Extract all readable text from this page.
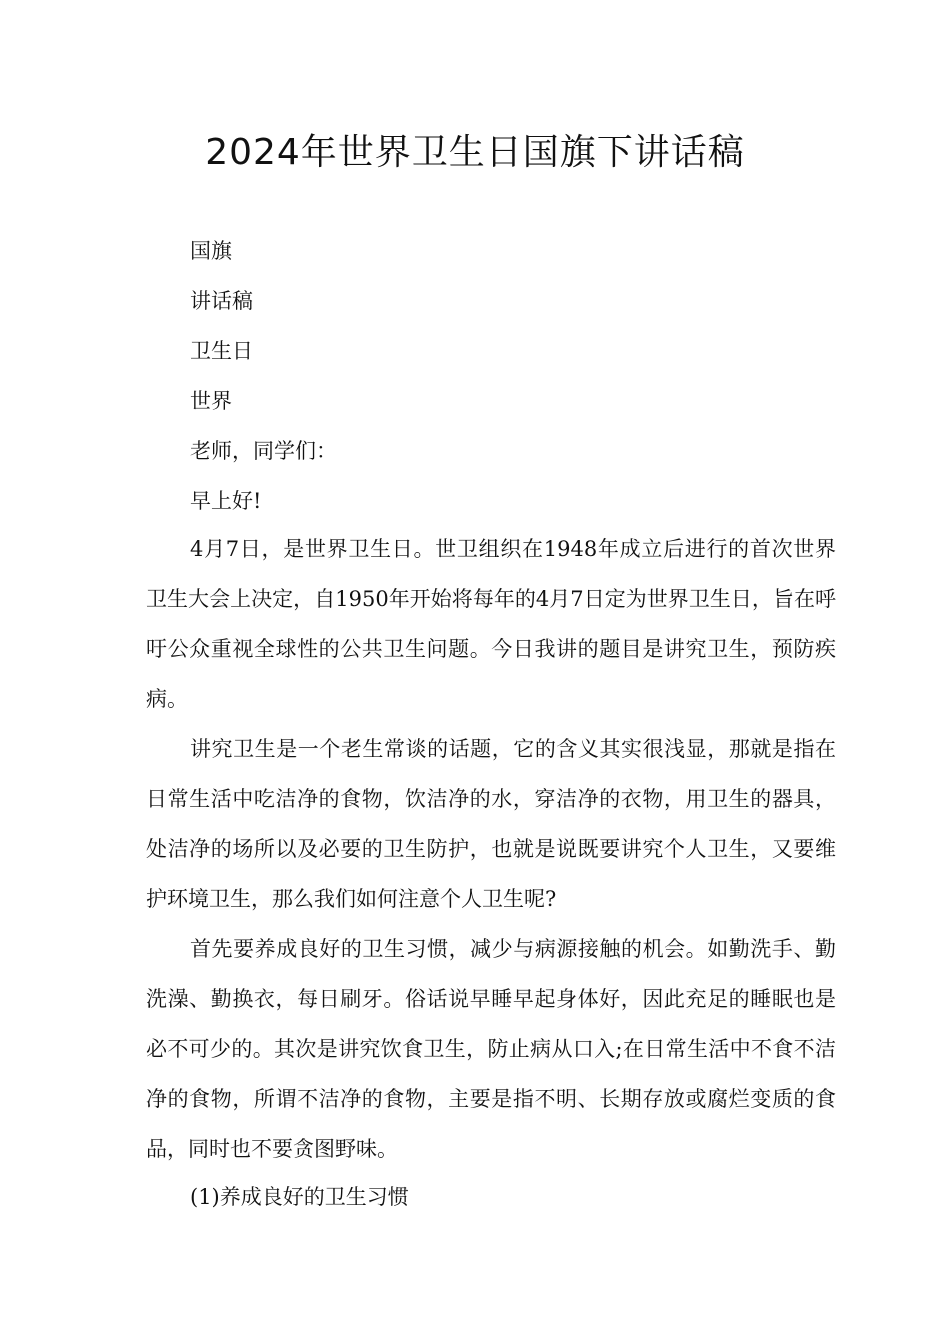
2024年世界卫生日国旗下讲话稿

国旗

讲话稿

卫生日

世界

老师，同学们：

早上好!

4月7日，是世界卫生日。世卫组织在1948年成立后进行的首次世界卫生大会上决定，自1950年开始将每年的4月7日定为世界卫生日，旨在呼吁公众重视全球性的公共卫生问题。今日我讲的题目是讲究卫生，预防疾病。

讲究卫生是一个老生常谈的话题，它的含义其实很浅显，那就是指在日常生活中吃洁净的食物，饮洁净的水，穿洁净的衣物，用卫生的器具，处洁净的场所以及必要的卫生防护，也就是说既要讲究个人卫生，又要维护环境卫生，那么我们如何注意个人卫生呢?

首先要养成良好的卫生习惯，减少与病源接触的机会。如勤洗手、勤洗澡、勤换衣，每日刷牙。俗话说早睡早起身体好，因此充足的睡眠也是必不可少的。其次是讲究饮食卫生，防止病从口入;在日常生活中不食不洁净的食物，所谓不洁净的食物，主要是指不明、长期存放或腐烂变质的食品，同时也不要贪图野味。

(1)养成良好的卫生习惯
